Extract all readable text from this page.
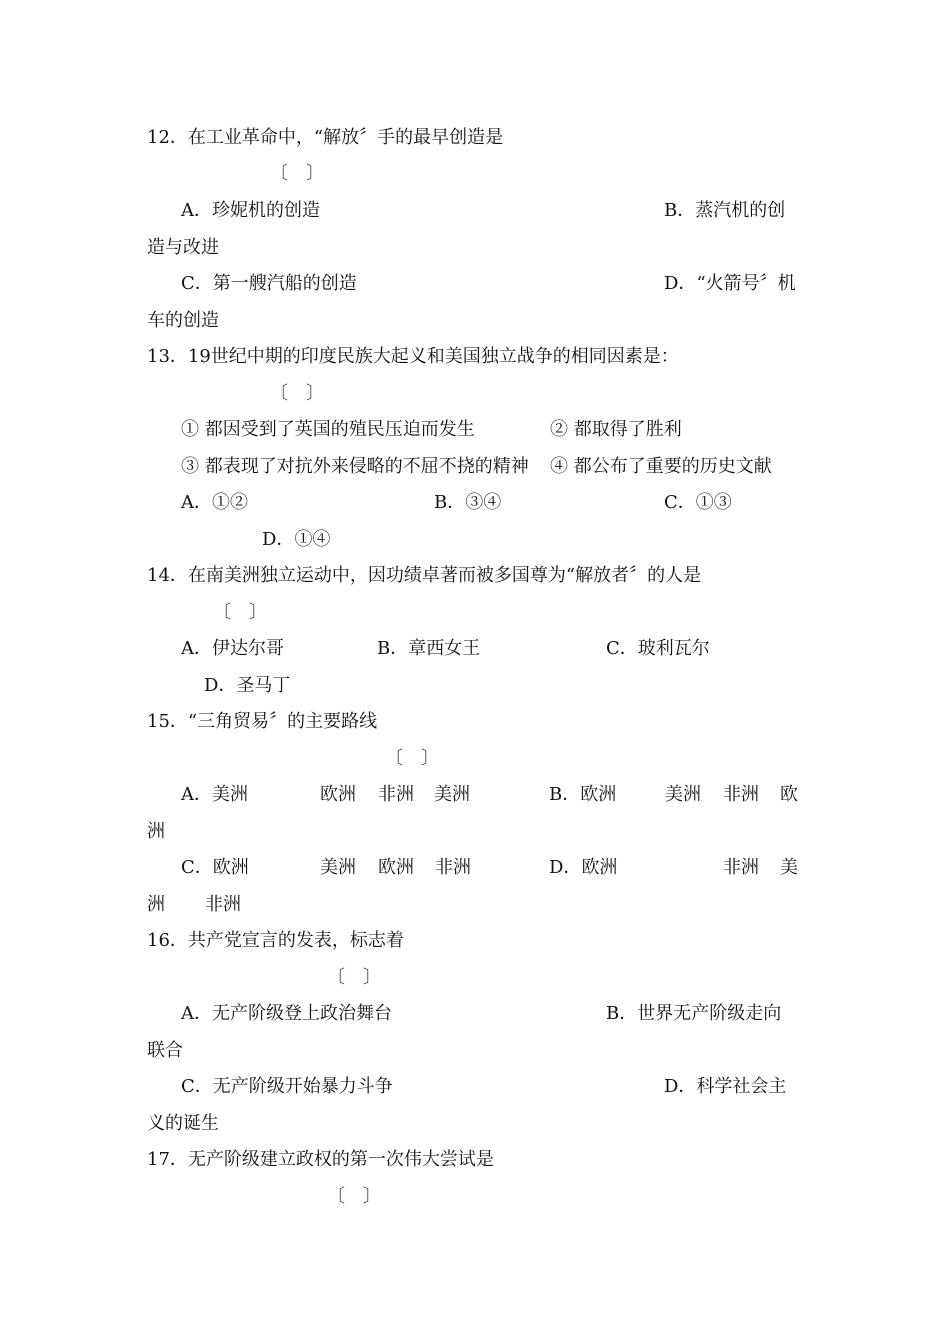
12．在工业革命中，“解放〞手的最早创造是
〔　〕
A．珍妮机的创造	B．蒸汽机的创
造与改进
C．第一艘汽船的创造	D．“火箭号〞机
车的创造
13．19世纪中期的印度民族大起义和美国独立战争的相同因素是：
〔　〕
① 都因受到了英国的殖民压迫而发生	② 都取得了胜利
③ 都表现了对抗外来侵略的不屈不挠的精神 ④ 都公布了重要的历史文献
A．①②	B．③④	C．①③
D．①④
14．在南美洲独立运动中，因功绩卓著而被多国尊为“解放者〞的人是
〔　〕
A．伊达尔哥	B．章西女王	C．玻利瓦尔
D．圣马丁
15．“三角贸易〞的主要路线
〔　〕
A．美洲	欧洲 非洲 美洲	B．欧洲	美洲 非洲 欧
洲
C．欧洲	美洲 欧洲 非洲	D．欧洲	非洲 美
洲 非洲
16．共产党宣言的发表，标志着
〔　〕
A．无产阶级登上政治舞台	B．世界无产阶级走向
联合
C．无产阶级开始暴力斗争	D．科学社会主
义的诞生
17．无产阶级建立政权的第一次伟大尝试是
〔　〕
